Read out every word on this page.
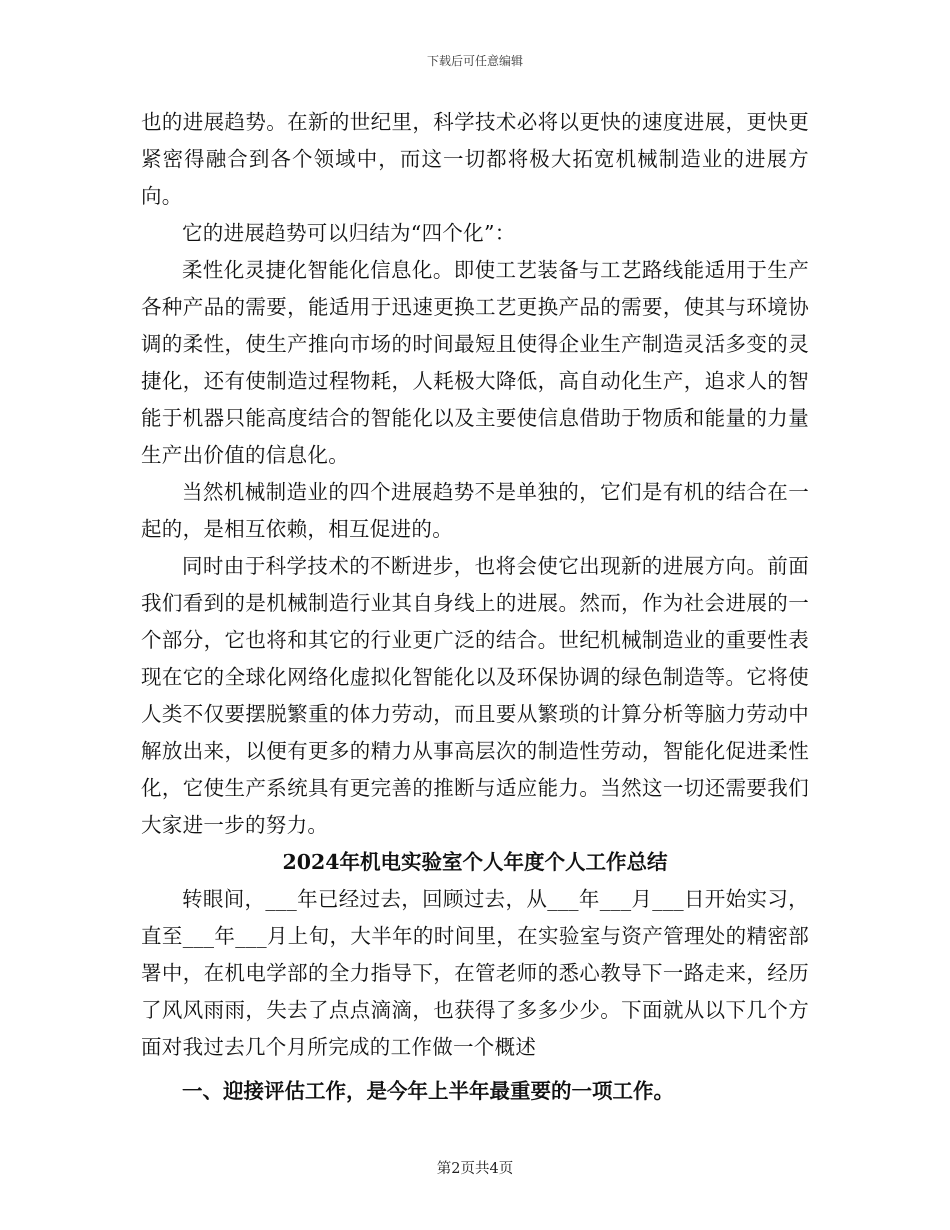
下载后可任意编辑

也的进展趋势。在新的世纪里，科学技术必将以更快的速度进展，更快更紧密得融合到各个领域中，而这一切都将极大拓宽机械制造业的进展方向。

它的进展趋势可以归结为“四个化”：

柔性化灵捷化智能化信息化。即使工艺装备与工艺路线能适用于生产各种产品的需要，能适用于迅速更换工艺更换产品的需要，使其与环境协调的柔性，使生产推向市场的时间最短且使得企业生产制造灵活多变的灵捷化，还有使制造过程物耗，人耗极大降低，高自动化生产，追求人的智能于机器只能高度结合的智能化以及主要使信息借助于物质和能量的力量生产出价值的信息化。

当然机械制造业的四个进展趋势不是单独的，它们是有机的结合在一起的，是相互依赖，相互促进的。

同时由于科学技术的不断进步，也将会使它出现新的进展方向。前面我们看到的是机械制造行业其自身线上的进展。然而，作为社会进展的一个部分，它也将和其它的行业更广泛的结合。世纪机械制造业的重要性表现在它的全球化网络化虚拟化智能化以及环保协调的绿色制造等。它将使人类不仅要摆脱繁重的体力劳动，而且要从繁琐的计算分析等脑力劳动中解放出来，以便有更多的精力从事高层次的制造性劳动，智能化促进柔性化，它使生产系统具有更完善的推断与适应能力。当然这一切还需要我们大家进一步的努力。

2024年机电实验室个人年度个人工作总结

转眼间，___年已经过去，回顾过去，从___年___月___日开始实习，直至___年___月上旬，大半年的时间里，在实验室与资产管理处的精密部署中，在机电学部的全力指导下，在管老师的悉心教导下一路走来，经历了风风雨雨，失去了点点滴滴，也获得了多多少少。下面就从以下几个方面对我过去几个月所完成的工作做一个概述

一、迎接评估工作，是今年上半年最重要的一项工作。

第2页共4页
